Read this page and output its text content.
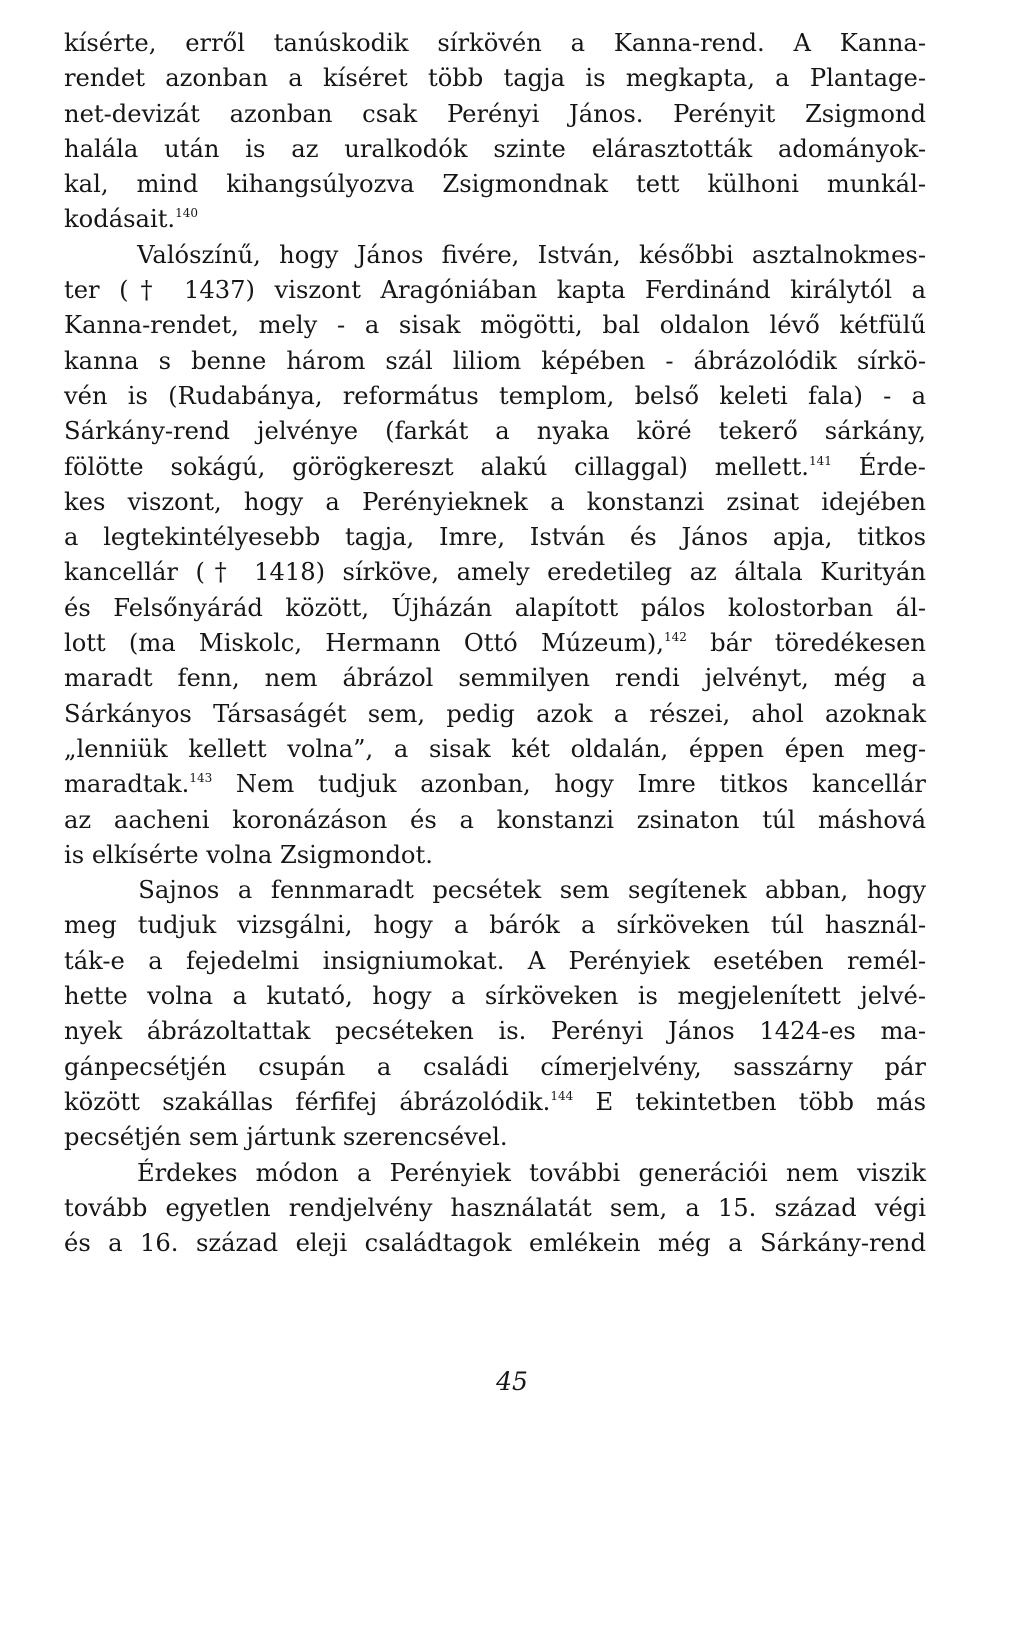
kísérte, erről tanúskodik sírkövén a Kanna-rend. A Kanna-
rendet azonban a kíséret több tagja is megkapta, a Plantage-
net-devizát azonban csak Perényi János. Perényit Zsigmond
halála után is az uralkodók szinte elárasztották adományok-
kal, mind kihangsúlyozva Zsigmondnak tett külhoni munkál-
kodásait.$^{140}$
Valószínű, hogy János fivére, István, későbbi asztalnokmes-
ter († 1437) viszont Aragóniában kapta Ferdinánd királytól a
Kanna-rendet, mely - a sisak mögötti, bal oldalon lévő kétfülű
kanna s benne három szál liliom képében - ábrázolódik sírkö-
vén is (Rudabánya, református templom, belső keleti fala) - a
Sárkány-rend jelvénye (farkát a nyaka köré tekerő sárkány,
fölötte sokágú, görögkereszt alakú cillaggal) mellett.$^{141}$ Érde-
kes viszont, hogy a Perényieknek a konstanzi zsinat idejében
a legtekintélyesebb tagja, Imre, István és János apja, titkos
kancellár († 1418) sírköve, amely eredetileg az általa Kurityán
és Felsőnyárád között, Újházán alapított pálos kolostorban ál-
lott (ma Miskolc, Hermann Ottó Múzeum),$^{142}$ bár töredékesen
maradt fenn, nem ábrázol semmilyen rendi jelvényt, még a
Sárkányos Társaságét sem, pedig azok a részei, ahol azoknak
„lenniük kellett volna”, a sisak két oldalán, éppen épen meg-
maradtak.$^{143}$ Nem tudjuk azonban, hogy Imre titkos kancellár
az aacheni koronázáson és a konstanzi zsinaton túl máshová
is elkísérte volna Zsigmondot.
Sajnos a fennmaradt pecsétek sem segítenek abban, hogy
meg tudjuk vizsgálni, hogy a bárók a sírköveken túl használ-
ták-e a fejedelmi insigniumokat. A Perényiek esetében remél-
hette volna a kutató, hogy a sírköveken is megjelenített jelvé-
nyek ábrázoltattak pecséteken is. Perényi János 1424-es ma-
gánpecsétjén csupán a családi címerjelvény, sasszárny pár
között szakállas férfifej ábrázolódik.$^{144}$ E tekintetben több más
pecsétjén sem jártunk szerencsével.
Érdekes módon a Perényiek további generációi nem viszik
tovább egyetlen rendjelvény használatát sem, a 15. század végi
és a 16. század eleji családtagok emlékein még a Sárkány-rend
45
